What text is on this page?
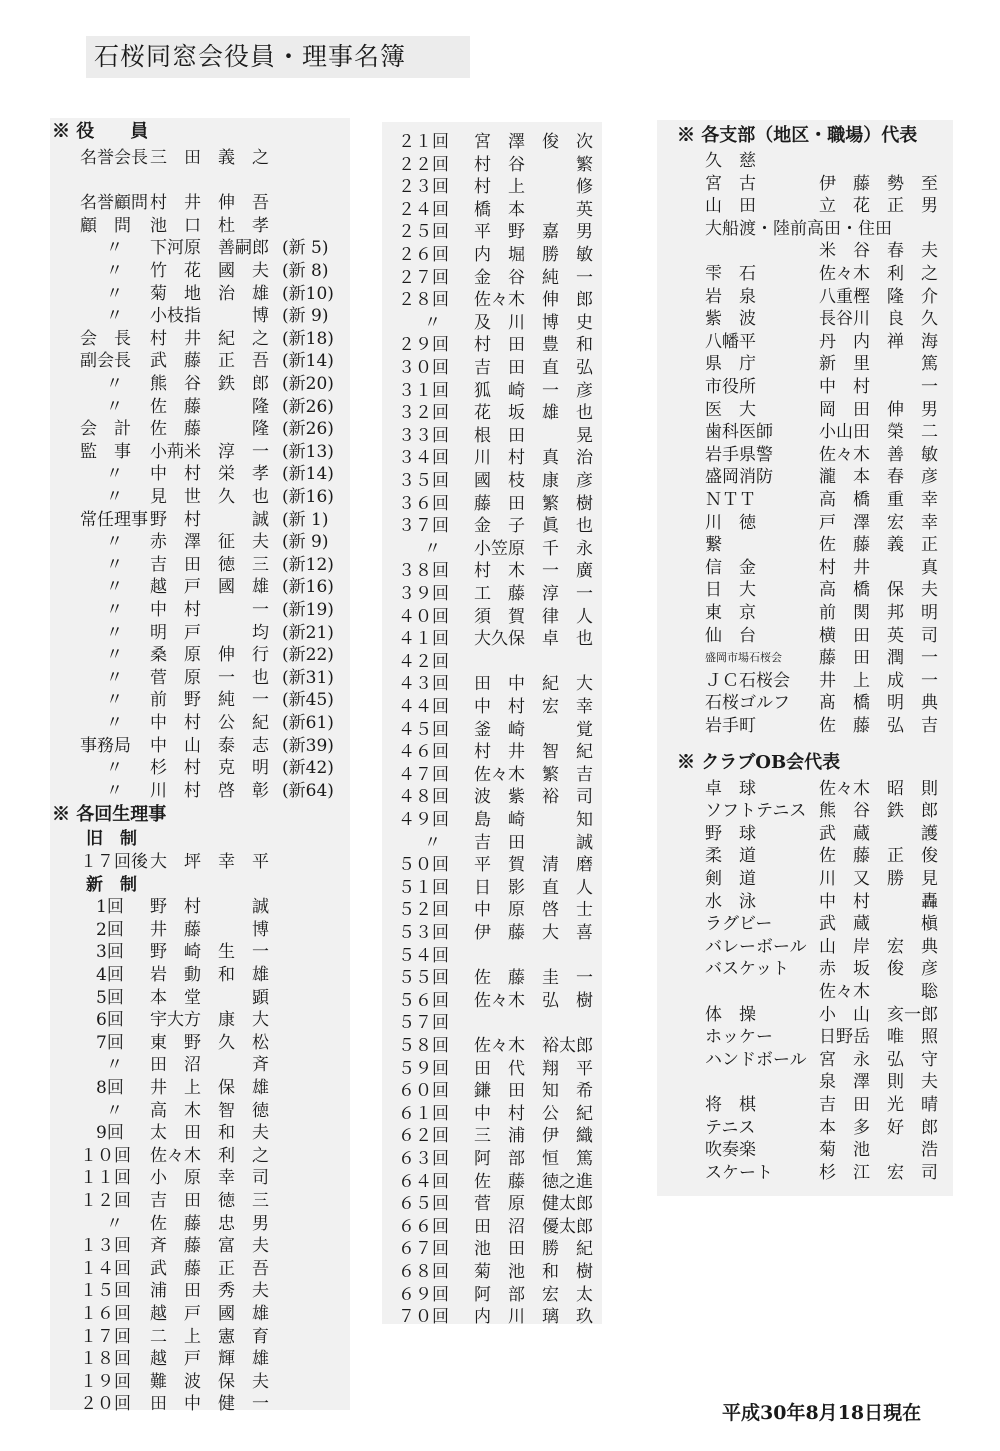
石桜同窓会役員・理事名簿
※ 役　　員
名誉会長 三　田　義　之
名誉顧問 村　井　伸　吾
顧　問 池　口　杜　孝
〃 下河原　善嗣郎 (新 5)
〃 竹　花　國　夫 (新 8)
〃 菊　地　治　雄 (新10)
〃 小枝指　　　博 (新 9)
会　長 村　井　紀　之 (新18)
副会長 武　藤　正　吾 (新14)
〃 熊　谷　鉄　郎 (新20)
〃 佐　藤　　　隆 (新26)
会　計 佐　藤　　　隆 (新26)
監　事 小荊米　淳　一 (新13)
〃 中　村　栄　孝 (新14)
〃 見　世　久　也 (新16)
常任理事 野　村　　　誠 (新 1)
〃 赤　澤　征　夫 (新 9)
〃 吉　田　徳　三 (新12)
〃 越　戸　國　雄 (新16)
〃 中　村　　　一 (新19)
〃 明　戸　　　均 (新21)
〃 桑　原　伸　行 (新22)
〃 菅　原　一　也 (新31)
〃 前　野　純　一 (新45)
〃 中　村　公　紀 (新61)
事務局 中　山　泰　志 (新39)
〃 杉　村　克　明 (新42)
〃 川　村　啓　彰 (新64)
※ 各回生理事
旧　制
１７回後 大　坪　幸　平
新　制
1回 野　村　　　誠
2回 井　藤　　　博
3回 野　崎　生　一
4回 岩　動　和　雄
5回 本　堂　　　顕
6回 宇大方　康　大
7回 東　野　久　松
〃 田　沼　　　斉
8回 井　上　保　雄
〃 高　木　智　徳
9回 太　田　和　夫
１０回 佐々木　利　之
１１回 小　原　幸　司
１２回 吉　田　徳　三
〃 佐　藤　忠　男
１３回 斉　藤　富　夫
１４回 武　藤　正　吾
１５回 浦　田　秀　夫
１６回 越　戸　國　雄
１７回 二　上　憲　育
１８回 越　戸　輝　雄
１９回 難　波　保　夫
２０回 田　中　健　一
２１回 宮　澤　俊　次
２２回 村　谷　　　繁
２３回 村　上　　　修
２４回 橋　本　　　英
２５回 平　野　嘉　男
２６回 内　堀　勝　敏
２７回 金　谷　純　一
２８回 佐々木　伸　郎
〃 及　川　博　史
２９回 村　田　豊　和
３０回 吉　田　直　弘
３１回 狐　崎　一　彦
３２回 花　坂　雄　也
３３回 根　田　　　晃
３４回 川　村　真　治
３５回 國　枝　康　彦
３６回 藤　田　繁　樹
３７回 金　子　眞　也
〃 小笠原　千　永
３８回 村　木　一　廣
３９回 工　藤　淳　一
４０回 須　賀　律　人
４１回 大久保　卓　也
４２回
４３回 田　中　紀　大
４４回 中　村　宏　幸
４５回 釜　崎　　　覚
４６回 村　井　智　紀
４７回 佐々木　繁　吉
４８回 波　紫　裕　司
４９回 島　崎　　　知
〃 吉　田　　　誠
５０回 平　賀　清　磨
５１回 日　影　直　人
５２回 中　原　啓　士
５３回 伊　藤　大　喜
５４回
５５回 佐　藤　圭　一
５６回 佐々木　弘　樹
５７回
５８回 佐々木　裕太郎
５９回 田　代　翔　平
６０回 鎌　田　知　希
６１回 中　村　公　紀
６２回 三　浦　伊　織
６３回 阿　部　恒　篤
６４回 佐　藤　徳之進
６５回 菅　原　健太郎
６６回 田　沼　優太郎
６７回 池　田　勝　紀
６８回 菊　池　和　樹
６９回 阿　部　宏　太
７０回 内　川　璃　玖
※ 各支部（地区・職場）代表
久　慈
宮　古	伊　藤　勢　至
山　田	立　花　正　男
大船渡・陸前高田・住田
米　谷　春　夫
雫　石	佐々木　利　之
岩　泉	八重樫　隆　介
紫　波	長谷川　良　久
八幡平	丹　内　禅　海
県　庁	新　里　　　篤
市役所	中　村　　　一
医　大	岡　田　伸　男
歯科医師	小山田　榮　二
岩手県警	佐々木　善　敏
盛岡消防	瀧　本　春　彦
ＮＴＴ	高　橋　重　幸
川　徳	戸　澤　宏　幸
繋	佐　藤　義　正
信　金	村　井　　　真
日　大	高　橋　保　夫
東　京	前　関　邦　明
仙　台	横　田　英　司
盛岡市場石桜会 藤　田　潤　一
ＪＣ石桜会 井　上　成　一
石桜ゴルフ 髙　橋　明　典
岩手町	佐　藤　弘　吉
※ クラブOB会代表
卓　球	佐々木　昭　則
ソフトテニス 熊　谷　鉄　郎
野　球	武　蔵　　　護
柔　道	佐　藤　正　俊
剣　道	川　又　勝　見
水　泳	中　村　　　轟
ラグビー	武　蔵　　　槇
バレーボール 山　岸　宏　典
バスケット 赤　坂　俊　彦
佐々木　　　聡
体　操	小　山　亥一郎
ホッケー	日野岳　唯　照
ハンドボール 宮　永　弘　守
泉　澤　則　夫
将　棋	吉　田　光　晴
テニス	本　多　好　郎
吹奏楽	菊　池　　　浩
スケート	杉　江　宏　司
平成30年8月18日現在
